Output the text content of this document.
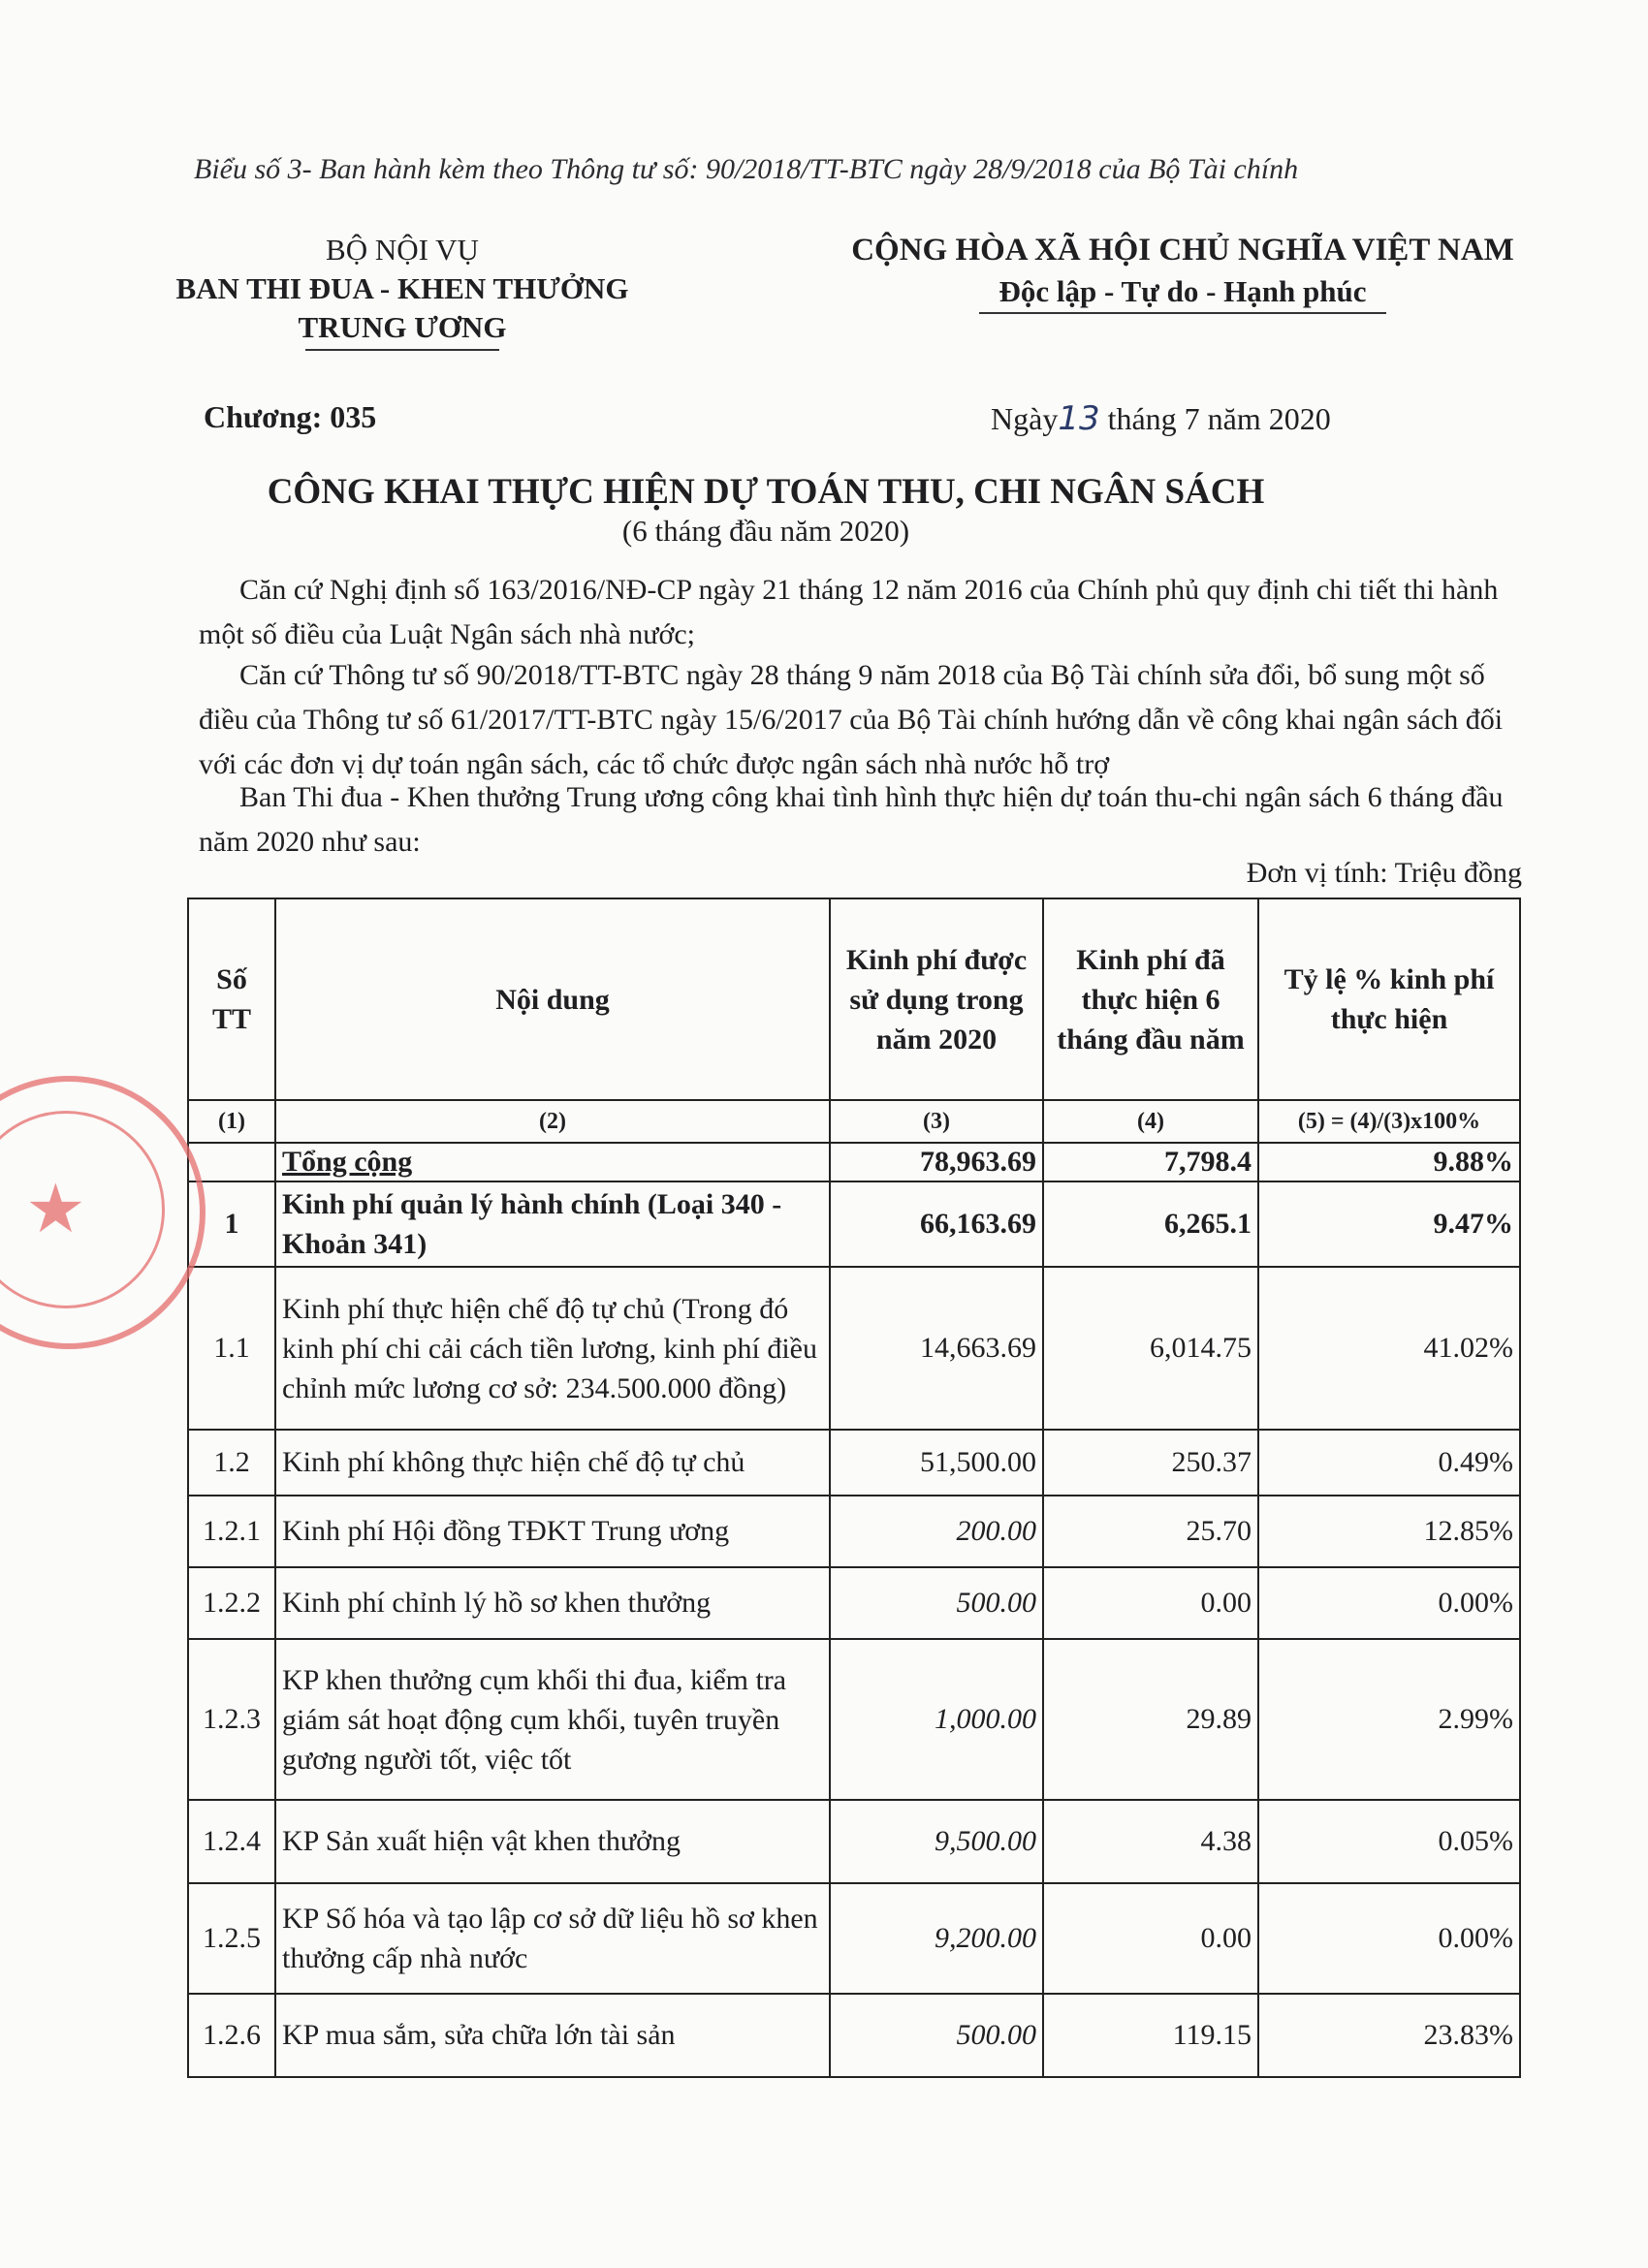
Biểu số 3- Ban hành kèm theo Thông tư số: 90/2018/TT-BTC ngày 28/9/2018 của Bộ Tài chính
BỘ NỘI VỤ
BAN THI ĐUA - KHEN THƯỞNG
TRUNG ƯƠNG
CỘNG HÒA XÃ HỘI CHỦ NGHĨA VIỆT NAM
Độc lập - Tự do - Hạnh phúc
Chương: 035	Ngày13 tháng 7 năm 2020
CÔNG KHAI THỰC HIỆN DỰ TOÁN THU, CHI NGÂN SÁCH
(6 tháng đầu năm 2020)
Căn cứ Nghị định số 163/2016/NĐ-CP ngày 21 tháng 12 năm 2016 của Chính phủ quy định chi tiết thi hành một số điều của Luật Ngân sách nhà nước;
Căn cứ Thông tư số 90/2018/TT-BTC ngày 28 tháng 9 năm 2018 của Bộ Tài chính sửa đổi, bổ sung một số điều của Thông tư số 61/2017/TT-BTC ngày 15/6/2017 của Bộ Tài chính hướng dẫn về công khai ngân sách đối với các đơn vị dự toán ngân sách, các tổ chức được ngân sách nhà nước hỗ trợ
Ban Thi đua - Khen thưởng Trung ương công khai tình hình thực hiện dự toán thu-chi ngân sách 6 tháng đầu năm 2020 như sau:
Đơn vị tính: Triệu đồng
Số TT	Nội dung	Kinh phí được sử dụng trong năm 2020	Kinh phí đã thực hiện 6 tháng đầu năm	Tỷ lệ % kinh phí thực hiện
(1)	(2)	(3)	(4)	(5) = (4)/(3)x100%
	Tổng cộng	78,963.69	7,798.4	9.88%
1	Kinh phí quản lý hành chính (Loại 340 - Khoản 341)	66,163.69	6,265.1	9.47%
1.1	Kinh phí thực hiện chế độ tự chủ (Trong đó kinh phí chi cải cách tiền lương, kinh phí điều chỉnh mức lương cơ sở: 234.500.000 đồng)	14,663.69	6,014.75	41.02%
1.2	Kinh phí không thực hiện chế độ tự chủ	51,500.00	250.37	0.49%
1.2.1	Kinh phí Hội đồng TĐKT Trung ương	200.00	25.70	12.85%
1.2.2	Kinh phí chỉnh lý hồ sơ khen thưởng	500.00	0.00	0.00%
1.2.3	KP khen thưởng cụm khối thi đua, kiểm tra giám sát hoạt động cụm khối, tuyên truyền gương người tốt, việc tốt	1,000.00	29.89	2.99%
1.2.4	KP Sản xuất hiện vật khen thưởng	9,500.00	4.38	0.05%
1.2.5	KP Số hóa và tạo lập cơ sở dữ liệu hồ sơ khen thưởng cấp nhà nước	9,200.00	0.00	0.00%
1.2.6	KP mua sắm, sửa chữa lớn tài sản	500.00	119.15	23.83%
★
